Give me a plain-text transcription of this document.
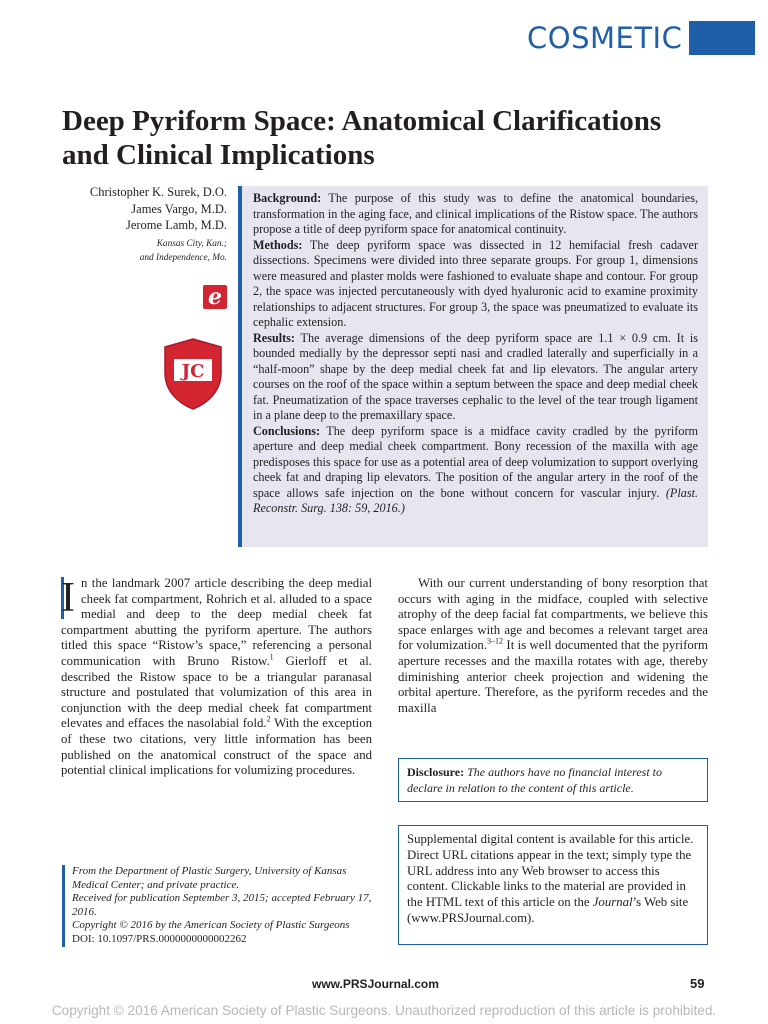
COSMETIC
Deep Pyriform Space: Anatomical Clarifications
and Clinical Implications
Christopher K. Surek, D.O.
James Vargo, M.D.
Jerome Lamb, M.D.
Kansas City, Kan.;
and Independence, Mo.
e
JC

Background: The purpose of this study was to define the anatomical boundaries, transformation in the aging face, and clinical implications of the Ristow space. The authors propose a title of deep pyriform space for anatomical continuity.

Methods: The deep pyriform space was dissected in 12 hemifacial fresh cadaver dissections. Specimens were divided into three separate groups. For group 1, dimensions were measured and plaster molds were fashioned to evaluate shape and contour. For group 2, the space was injected percutaneously with dyed hyaluronic acid to examine proximity relationships to adjacent structures. For group 3, the space was pneumatized to evaluate its cephalic extension.

Results: The average dimensions of the deep pyriform space are 1.1 × 0.9 cm. It is bounded medially by the depressor septi nasi and cradled laterally and superficially in a “half-moon” shape by the deep medial cheek fat and lip elevators. The angular artery courses on the roof of the space within a septum between the space and deep medial cheek fat. Pneumatization of the space traverses cephalic to the level of the tear trough ligament in a plane deep to the premaxillary space.

Conclusions: The deep pyriform space is a midface cavity cradled by the pyriform aperture and deep medial cheek compartment. Bony recession of the maxilla with age predisposes this space for use as a potential area of deep volumization to support overlying cheek fat and draping lip elevators. The position of the angular artery in the roof of the space allows safe injection on the bone without concern for vascular injury. (Plast. Reconstr. Surg. 138: 59, 2016.)

In the landmark 2007 article describing the deep medial cheek fat compartment, Rohrich et al. alluded to a space medial and deep to the deep medial cheek fat compartment abutting the pyriform aperture. The authors titled this space “Ristow’s space,” referencing a personal communication with Bruno Ristow.$^1$ Gierloff et al. described the Ristow space to be a triangular paranasal structure and postulated that volumization of this area in conjunction with the deep medial cheek fat compartment elevates and effaces the nasolabial fold.$^2$ With the exception of these two citations, very little information has been published on the anatomical construct of the space and potential clinical implications for volumizing procedures.
With our current understanding of bony resorption that occurs with aging in the midface, coupled with selective atrophy of the deep facial fat compartments, we believe this space enlarges with age and becomes a relevant target area for volumization.$^{3-12}$ It is well documented that the pyriform aperture recesses and the maxilla rotates with age, thereby diminishing anterior cheek projection and widening the orbital aperture. Therefore, as the pyriform recedes and the maxilla
Disclosure: The authors have no financial interest to declare in relation to the content of this article.
Supplemental digital content is available for this article. Direct URL citations appear in the text; simply type the URL address into any Web browser to access this content. Clickable links to the material are provided in the HTML text of this article on the Journal’s Web site (www.PRSJournal.com).
From the Department of Plastic Surgery, University of Kansas Medical Center; and private practice.
Received for publication September 3, 2015; accepted February 17, 2016.
Copyright © 2016 by the American Society of Plastic Surgeons
DOI: 10.1097/PRS.0000000000002262
www.PRSJournal.com	59
Copyright © 2016 American Society of Plastic Surgeons. Unauthorized reproduction of this article is prohibited.
